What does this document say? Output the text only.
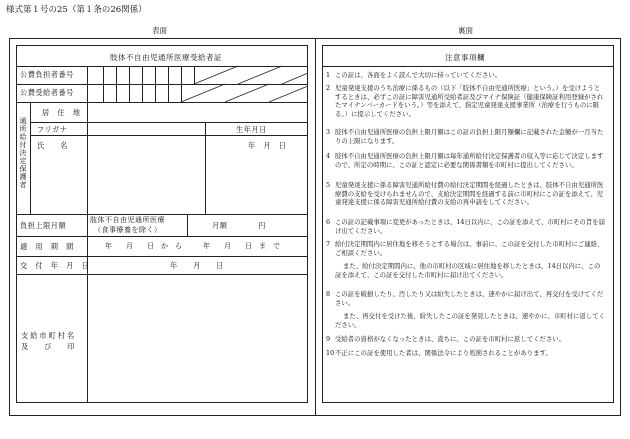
様式第１号の25（第１条の26関係）
表面	裏面
肢体不自由児通所医療受給者証
公費負担者番号
公費受給者番号
通所給付決定保護者
居　住　地
フリガナ
氏　　名
生年月日
年　月　日
負担上限月額
肢体不自由児通所医療
（食事療養を除く）	月額　　　　円
適　用　期　間	年　　月　　日　か　ら　　　年　　月　　日　ま　で
交　付　年　月　日	年　　月　　日
支給市町村名
及　　び　　印
注意事項欄
1 この証は、各面をよく読んで大切に持っていてください。
2 児童発達支援のうち治療に係るもの（以下「肢体不自由児通所医療」という。）を受けようとするときは、必ずこの証に障害児通所受給者証及びマイナ保険証（健康保険証利用登録がされたマイナンバーカードをいう。）等を添えて、指定児童発達支援事業所（治療を行うものに限る。）に提示してください。
3 肢体不自由児通所医療の負担上限月額はこの証の負担上限月額欄に記載された金額が一月当たりの上限になります。
4 肢体不自由児通所医療の負担上限月額は毎年通所給付決定保護者の収入等に応じて決定しますので、所定の時期に、この証と認定に必要な関係書類を市町村に提出してください。
5 児童発達支援に係る障害児通所給付費の給付決定期間を経過したときは、肢体不自由児通所医療費の支給を受けられませんので、支給決定期間を経過する前に市町村にこの証を添えて、児童発達支援に係る障害児通所給付費の支給の再申請をしてください。
6 この証の記載事項に変更があったときは、14日以内に、この証を添えて、市町村にその旨を届け出てください。
7 給付決定期間内に居住地を移そうとする場合は、事前に、この証を交付した市町村にご連絡、ご相談ください。
また、給付決定期間内に、他の市町村の区域に居住地を移したときは、14日以内に、この証を添えて、この証を交付した市町村に届け出てください。
8 この証を破損したり、汚したり又は紛失したときは、速やかに届け出て、再交付を受けてください。
また、再交付を受けた後、紛失したこの証を発見したときは、速やかに、市町村に返してください。
9 受給者の資格がなくなったときは、直ちに、この証を市町村に返してください。
10 不正にこの証を使用した者は、関係法令により処罰されることがあります。
